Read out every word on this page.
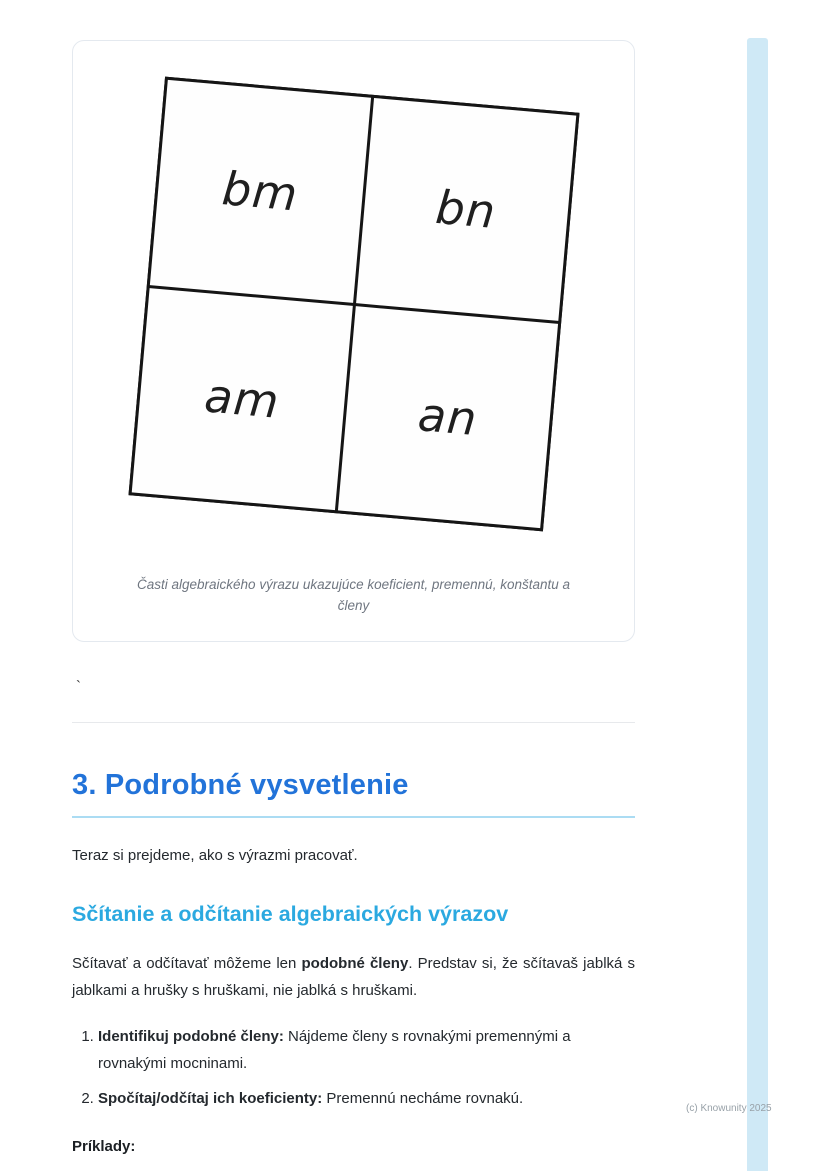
bm	bn
am	an
Časti algebraického výrazu ukazujúce koeficient, premennú, konštantu a členy
`
3. Podrobné vysvetlenie

Teraz si prejdeme, ako s výrazmi pracovať.

Sčítanie a odčítanie algebraických výrazov

Sčítavať a odčítavať môžeme len podobné členy. Predstav si, že sčítavaš jablká s jablkami a hrušky s hruškami, nie jablká s hruškami.

1. Identifikuj podobné členy: Nájdeme členy s rovnakými premennými a rovnakými mocninami.
2. Spočítaj/odčítaj ich koeficienty: Premennú necháme rovnakú.

Príklady:

(c) Knowunity 2025
